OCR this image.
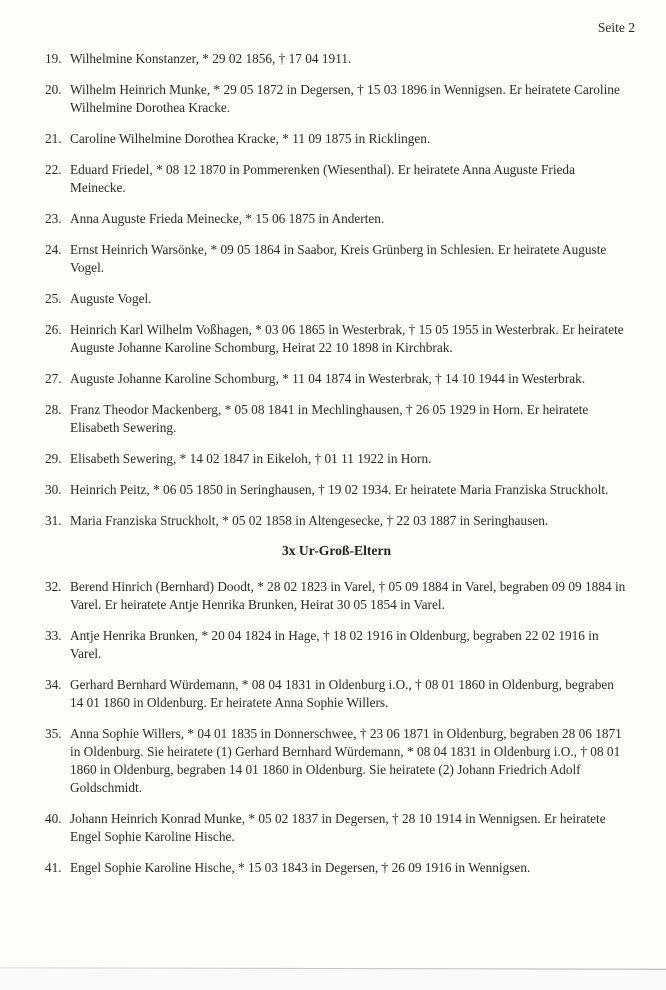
Seite 2
19. Wilhelmine Konstanzer, * 29 02 1856, † 17 04 1911.
20. Wilhelm Heinrich Munke, * 29 05 1872 in Degersen, † 15 03 1896 in Wennigsen. Er heiratete Caroline Wilhelmine Dorothea Kracke.
21. Caroline Wilhelmine Dorothea Kracke, * 11 09 1875 in Ricklingen.
22. Eduard Friedel, * 08 12 1870 in Pommerenken (Wiesenthal). Er heiratete Anna Auguste Frieda Meinecke.
23. Anna Auguste Frieda Meinecke, * 15 06 1875 in Anderten.
24. Ernst Heinrich Warsönke, * 09 05 1864 in Saabor, Kreis Grünberg in Schlesien. Er heiratete Auguste Vogel.
25. Auguste Vogel.
26. Heinrich Karl Wilhelm Voßhagen, * 03 06 1865 in Westerbrak, † 15 05 1955 in Westerbrak. Er heiratete Auguste Johanne Karoline Schomburg, Heirat 22 10 1898 in Kirchbrak.
27. Auguste Johanne Karoline Schomburg, * 11 04 1874 in Westerbrak, † 14 10 1944 in Westerbrak.
28. Franz Theodor Mackenberg, * 05 08 1841 in Mechlinghausen, † 26 05 1929 in Horn. Er heiratete Elisabeth Sewering.
29. Elisabeth Sewering, * 14 02 1847 in Eikeloh, † 01 11 1922 in Horn.
30. Heinrich Peitz, * 06 05 1850 in Seringhausen, † 19 02 1934. Er heiratete Maria Franziska Struckholt.
31. Maria Franziska Struckholt, * 05 02 1858 in Altengesecke, † 22 03 1887 in Seringhausen.
3x Ur-Groß-Eltern
32. Berend Hinrich (Bernhard) Doodt, * 28 02 1823 in Varel, † 05 09 1884 in Varel, begraben 09 09 1884 in Varel. Er heiratete Antje Henrika Brunken, Heirat 30 05 1854 in Varel.
33. Antje Henrika Brunken, * 20 04 1824 in Hage, † 18 02 1916 in Oldenburg, begraben 22 02 1916 in Varel.
34. Gerhard Bernhard Würdemann, * 08 04 1831 in Oldenburg i.O., † 08 01 1860 in Oldenburg, begraben 14 01 1860 in Oldenburg. Er heiratete Anna Sophie Willers.
35. Anna Sophie Willers, * 04 01 1835 in Donnerschwee, † 23 06 1871 in Oldenburg, begraben 28 06 1871 in Oldenburg. Sie heiratete (1) Gerhard Bernhard Würdemann, * 08 04 1831 in Oldenburg i.O., † 08 01 1860 in Oldenburg, begraben 14 01 1860 in Oldenburg. Sie heiratete (2) Johann Friedrich Adolf Goldschmidt.
40. Johann Heinrich Konrad Munke, * 05 02 1837 in Degersen, † 28 10 1914 in Wennigsen. Er heiratete Engel Sophie Karoline Hische.
41. Engel Sophie Karoline Hische, * 15 03 1843 in Degersen, † 26 09 1916 in Wennigsen.
